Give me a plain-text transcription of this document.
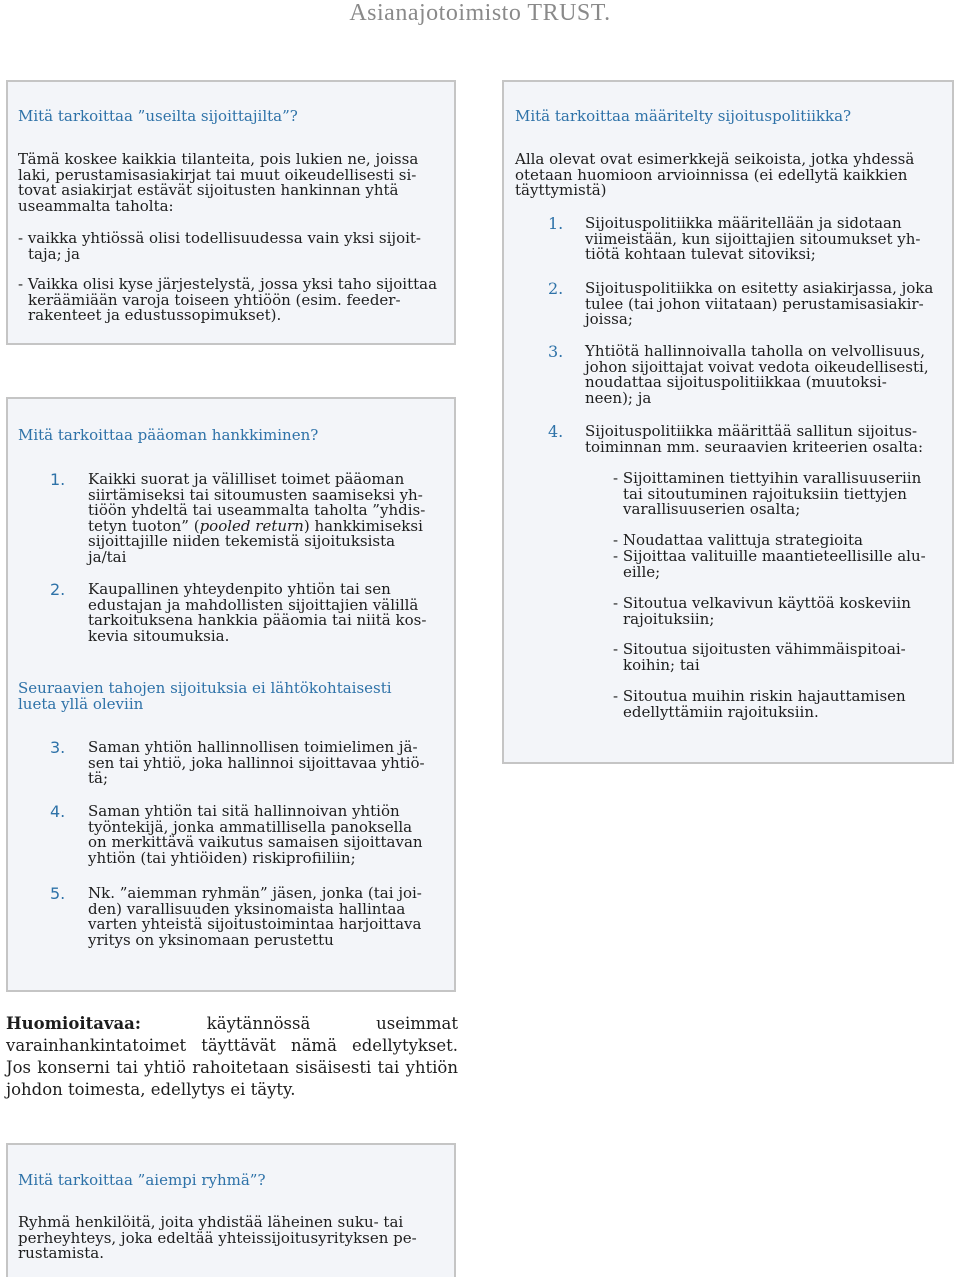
Asianajotoimisto TRUST.
Mitä tarkoittaa ”useilta sijoittajilta”?
Tämä koskee kaikkia tilanteita, pois lukien ne, joissa
laki, perustamisasiakirjat tai muut oikeudellisesti si-
tovat asiakirjat estävät sijoitusten hankinnan yhtä
useammalta taholta:
- vaikka yhtiössä olisi todellisuudessa vain yksi sijoit-
taja; ja
- Vaikka olisi kyse järjestelystä, jossa yksi taho sijoittaa
keräämiään varoja toiseen yhtiöön (esim. feeder-
rakenteet ja edustussopimukset).
Mitä tarkoittaa pääoman hankkiminen?
1. Kaikki suorat ja välilliset toimet pääoman
siirtämiseksi tai sitoumusten saamiseksi yh-
tiöön yhdeltä tai useammalta taholta ”yhdis-
tetyn tuoton” (pooled return) hankkimiseksi
sijoittajille niiden tekemistä sijoituksista
ja/tai
2. Kaupallinen yhteydenpito yhtiön tai sen
edustajan ja mahdollisten sijoittajien välillä
tarkoituksena hankkia pääomia tai niitä kos-
kevia sitoumuksia.
Seuraavien tahojen sijoituksia ei lähtökohtaisesti
lueta yllä oleviin
3. Saman yhtiön hallinnollisen toimielimen jä-
sen tai yhtiö, joka hallinnoi sijoittavaa yhtiö-
tä;
4. Saman yhtiön tai sitä hallinnoivan yhtiön
työntekijä, jonka ammatillisella panoksella
on merkittävä vaikutus samaisen sijoittavan
yhtiön (tai yhtiöiden) riskiprofiiliin;
5. Nk. ”aiemman ryhmän” jäsen, jonka (tai joi-
den) varallisuuden yksinomaista hallintaa
varten yhteistä sijoitustoimintaa harjoittava
yritys on yksinomaan perustettu
Huomioitavaa:	käytännössä useimmat varainhankintatoimet täyttävät nämä edellytykset. Jos konserni tai yhtiö rahoitetaan sisäisesti tai yhtiön johdon toimesta, edellytys ei täyty.
Mitä tarkoittaa ”aiempi ryhmä”?
Ryhmä henkilöitä, joita yhdistää läheinen suku- tai
perheyhteys, joka edeltää yhteissijoitusyrityksen pe-
rustamista.
Mitä tarkoittaa määritelty sijoituspolitiikka?
Alla olevat ovat esimerkkejä seikoista, jotka yhdessä
otetaan huomioon arvioinnissa (ei edellytä kaikkien
täyttymistä)
1. Sijoituspolitiikka määritellään ja sidotaan
viimeistään, kun sijoittajien sitoumukset yh-
tiötä kohtaan tulevat sitoviksi;
2. Sijoituspolitiikka on esitetty asiakirjassa, joka
tulee (tai johon viitataan) perustamisasiakir-
joissa;
3. Yhtiötä hallinnoivalla taholla on velvollisuus,
johon sijoittajat voivat vedota oikeudellisesti,
noudattaa sijoituspolitiikkaa (muutoksi-
neen); ja
4. Sijoituspolitiikka määrittää sallitun sijoitus-
toiminnan mm. seuraavien kriteerien osalta:
- Sijoittaminen tiettyihin varallisuuseriin
tai sitoutuminen rajoituksiin tiettyjen
varallisuuserien osalta;
- Noudattaa valittuja strategioita
- Sijoittaa valituille maantieteellisille alu-
eille;
- Sitoutua velkavivun käyttöä koskeviin
rajoituksiin;
- Sitoutua sijoitusten vähimmäispitoai-
koihin; tai
- Sitoutua muihin riskin hajauttamisen
edellyttämiin rajoituksiin.
